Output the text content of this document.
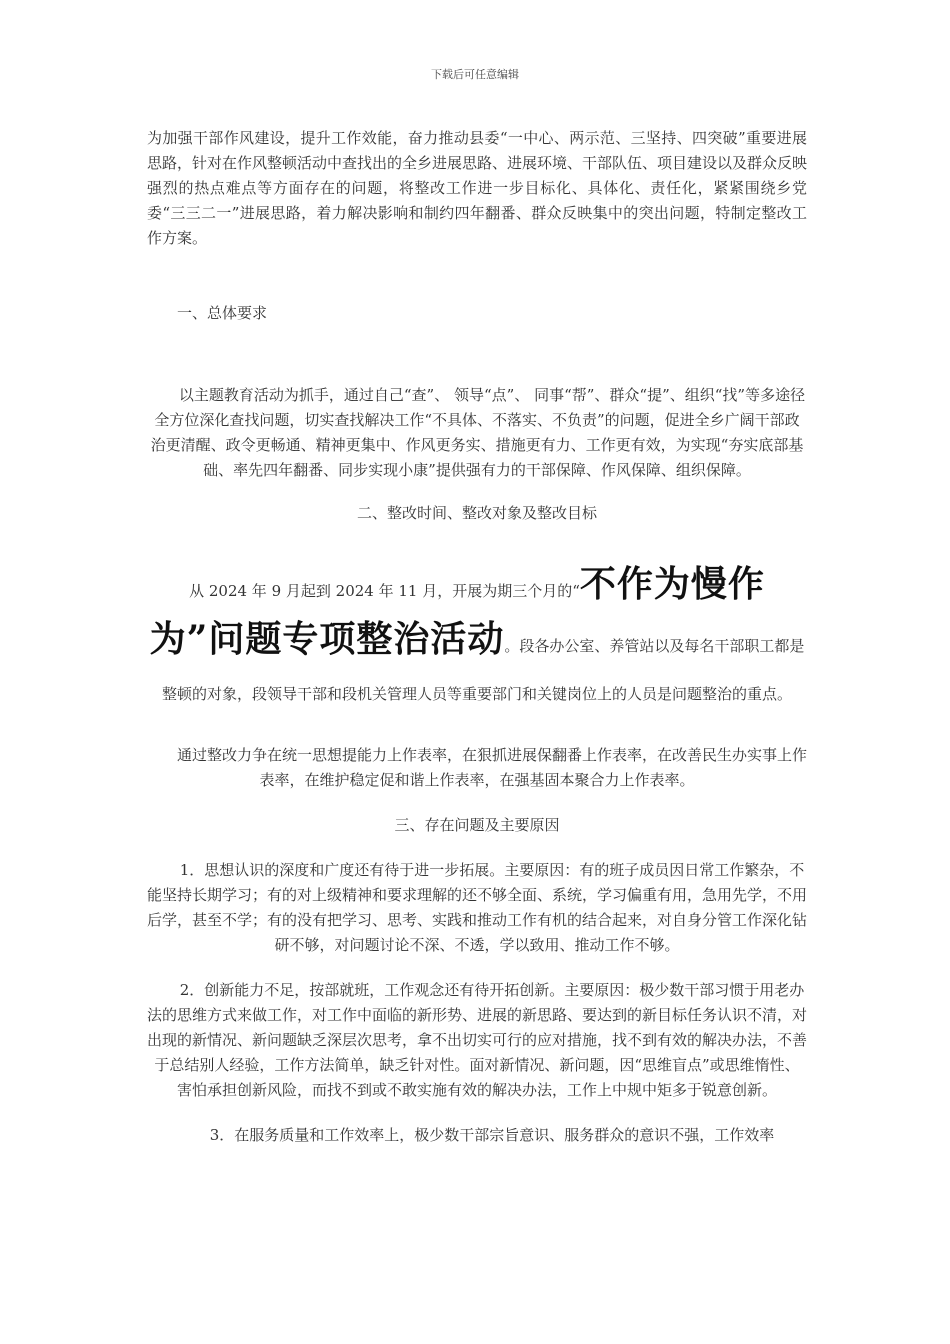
下载后可任意编辑

为加强干部作风建设，提升工作效能，奋力推动县委“一中心、两示范、三坚持、四突破”重要进展思路，针对在作风整顿活动中查找出的全乡进展思路、进展环境、干部队伍、项目建设以及群众反映强烈的热点难点等方面存在的问题，将整改工作进一步目标化、具体化、责任化，紧紧围绕乡党委“三三二一”进展思路，着力解决影响和制约四年翻番、群众反映集中的突出问题，特制定整改工作方案。

一、总体要求

以主题教育活动为抓手，通过自己“查”、 领导“点”、 同事“帮”、群众“提”、组织“找”等多途径全方位深化查找问题，切实查找解决工作“不具体、不落实、不负责”的问题，促进全乡广阔干部政治更清醒、政令更畅通、精神更集中、作风更务实、措施更有力、工作更有效，为实现“夯实底部基础、率先四年翻番、同步实现小康”提供强有力的干部保障、作风保障、组织保障。

二、整改时间、整改对象及整改目标

从 2024 年 9 月起到 2024 年 11 月，开展为期三个月的“不作为慢作为”问题专项整治活动。段各办公室、养管站以及每名干部职工都是整顿的对象，段领导干部和段机关管理人员等重要部门和关键岗位上的人员是问题整治的重点。

通过整改力争在统一思想提能力上作表率，在狠抓进展保翻番上作表率，在改善民生办实事上作表率，在维护稳定促和谐上作表率，在强基固本聚合力上作表率。

三、存在问题及主要原因

1．思想认识的深度和广度还有待于进一步拓展。主要原因：有的班子成员因日常工作繁杂，不能坚持长期学习；有的对上级精神和要求理解的还不够全面、系统，学习偏重有用，急用先学，不用后学，甚至不学；有的没有把学习、思考、实践和推动工作有机的结合起来，对自身分管工作深化钻研不够，对问题讨论不深、不透，学以致用、推动工作不够。

2．创新能力不足，按部就班，工作观念还有待开拓创新。主要原因：极少数干部习惯于用老办法的思维方式来做工作，对工作中面临的新形势、进展的新思路、要达到的新目标任务认识不清，对出现的新情况、新问题缺乏深层次思考，拿不出切实可行的应对措施，找不到有效的解决办法，不善于总结别人经验，工作方法简单，缺乏针对性。面对新情况、新问题，因“思维盲点”或思维惰性、害怕承担创新风险，而找不到或不敢实施有效的解决办法，工作上中规中矩多于锐意创新。

3．在服务质量和工作效率上，极少数干部宗旨意识、服务群众的意识不强，工作效率
